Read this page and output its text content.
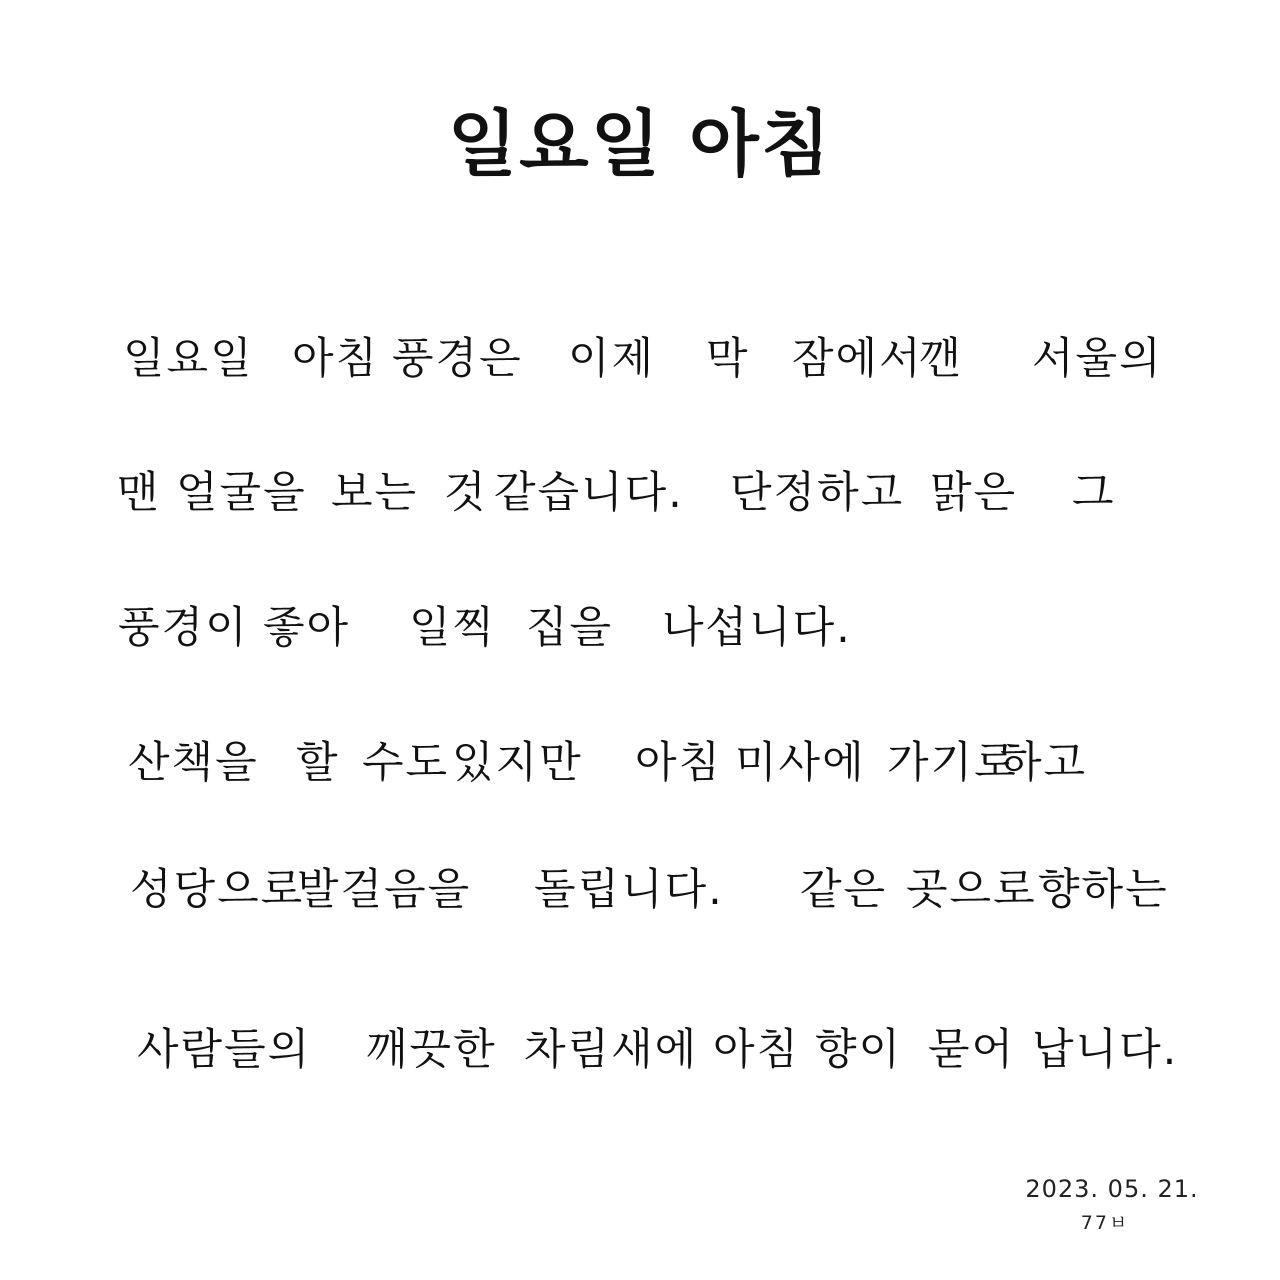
일요일 아침
일요일 아침 풍경은 이제 막 잠에서
깬 서울의
맨 얼굴을 보는 것 같습니다. 단정하고 맑은 그
풍경이 좋아 일찍 집을 나섭니다.
산책을 할 수도 있지만 아침 미사에 가기로
하고
성당으로
발걸음을 돌립니다. 같은 곳으로 향하는
사람들의 깨끗한 차림새에 아침 향이 묻어 납니다.
2023. 05. 21.
77ㅂ
